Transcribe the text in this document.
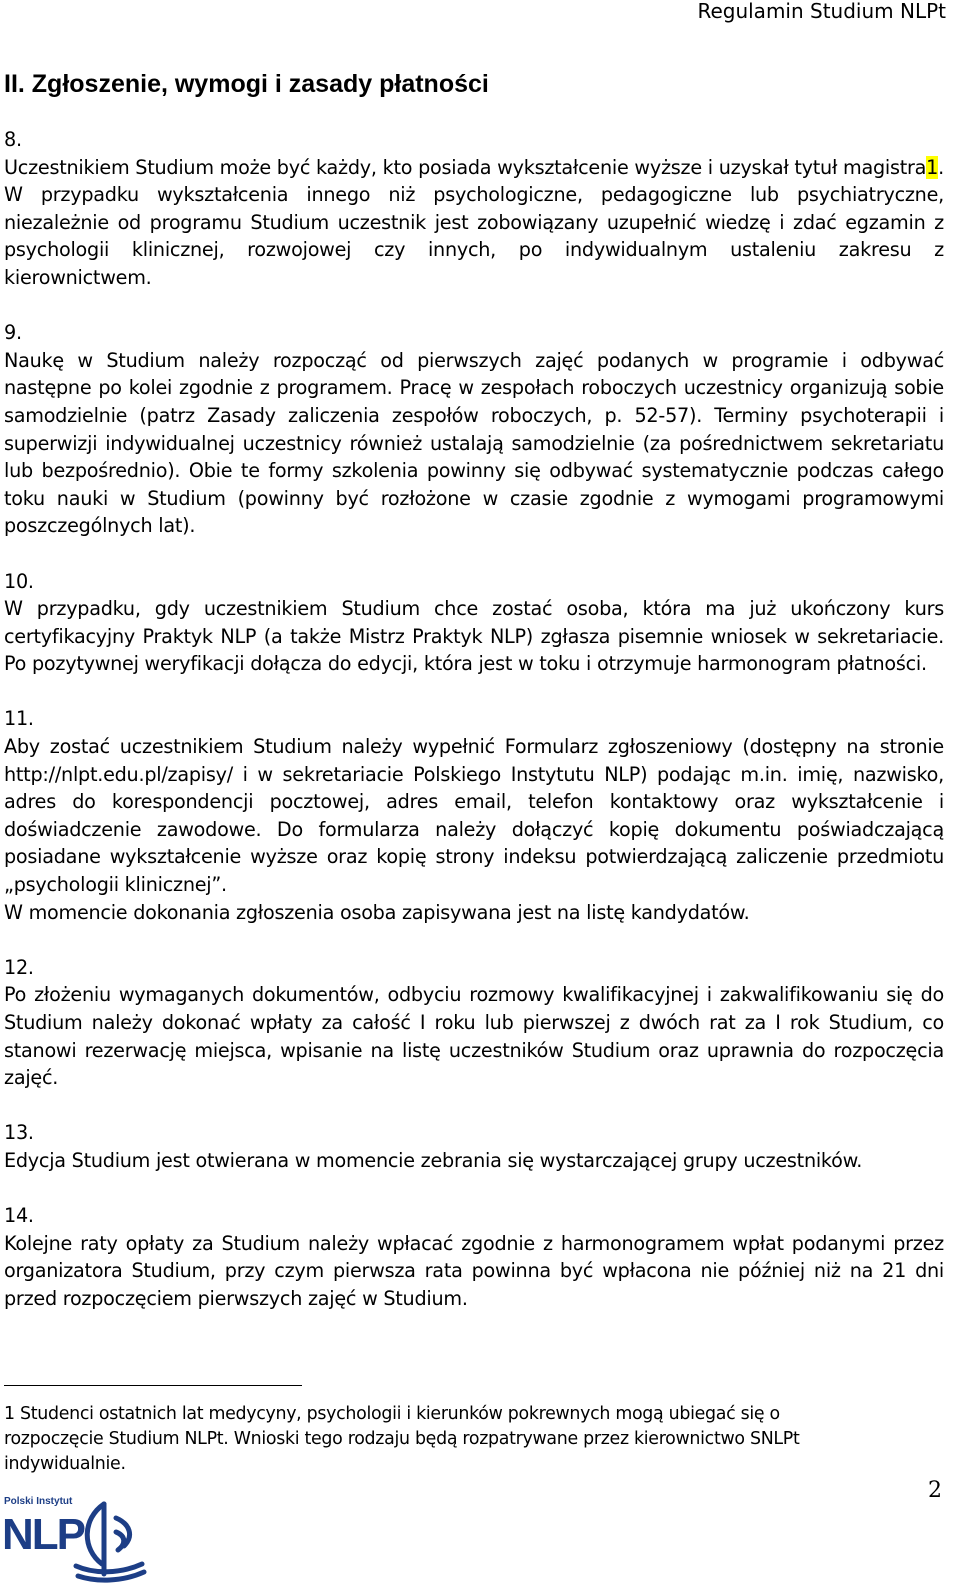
Regulamin Studium NLPt
II. Zgłoszenie, wymogi i zasady płatności

8.

Uczestnikiem Studium może być każdy, kto posiada wykształcenie wyższe i uzyskał tytuł magistra1. W przypadku wykształcenia innego niż psychologiczne, pedagogiczne lub psychiatryczne, niezależnie od programu Studium uczestnik jest zobowiązany uzupełnić wiedzę i zdać egzamin z psychologii klinicznej, rozwojowej czy innych, po indywidualnym ustaleniu zakresu z kierownictwem.

9.

Naukę w Studium należy rozpocząć od pierwszych zajęć podanych w programie i odbywać następne po kolei zgodnie z programem. Pracę w zespołach roboczych uczestnicy organizują sobie samodzielnie (patrz Zasady zaliczenia zespołów roboczych, p. 52-57). Terminy psychoterapii i superwizji indywidualnej uczestnicy również ustalają samodzielnie (za pośrednictwem sekretariatu lub bezpośrednio). Obie te formy szkolenia powinny się odbywać systematycznie podczas całego toku nauki w Studium (powinny być rozłożone w czasie zgodnie z wymogami programowymi poszczególnych lat).

10.

W przypadku, gdy uczestnikiem Studium chce zostać osoba, która ma już ukończony kurs certyfikacyjny Praktyk NLP (a także Mistrz Praktyk NLP) zgłasza pisemnie wniosek w sekretariacie. Po pozytywnej weryfikacji dołącza do edycji, która jest w toku i otrzymuje harmonogram płatności.

11.

Aby zostać uczestnikiem Studium należy wypełnić Formularz zgłoszeniowy (dostępny na stronie http://nlpt.edu.pl/zapisy/ i w sekretariacie Polskiego Instytutu NLP) podając m.in. imię, nazwisko, adres do korespondencji pocztowej, adres email, telefon kontaktowy oraz wykształcenie i doświadczenie zawodowe. Do formularza należy dołączyć kopię dokumentu poświadczającą posiadane wykształcenie wyższe oraz kopię strony indeksu potwierdzającą zaliczenie przedmiotu „psychologii klinicznej”.

W momencie dokonania zgłoszenia osoba zapisywana jest na listę kandydatów.

12.

Po złożeniu wymaganych dokumentów, odbyciu rozmowy kwalifikacyjnej i zakwalifikowaniu się do Studium należy dokonać wpłaty za całość I roku lub pierwszej z dwóch rat za I rok Studium, co stanowi rezerwację miejsca, wpisanie na listę uczestników Studium oraz uprawnia do rozpoczęcia zajęć.

13.

Edycja Studium jest otwierana w momencie zebrania się wystarczającej grupy uczestników.

14.

Kolejne raty opłaty za Studium należy wpłacać zgodnie z harmonogramem wpłat podanymi przez organizatora Studium, przy czym pierwsza rata powinna być wpłacona nie później niż na 21 dni przed rozpoczęciem pierwszych zajęć w Studium.

1 Studenci ostatnich lat medycyny, psychologii i kierunków pokrewnych mogą ubiegać się o

rozpoczęcie Studium NLPt. Wnioski tego rodzaju będą rozpatrywane przez kierownictwo SNLPt

indywidualnie.

2
Polski Instytut
NLP
